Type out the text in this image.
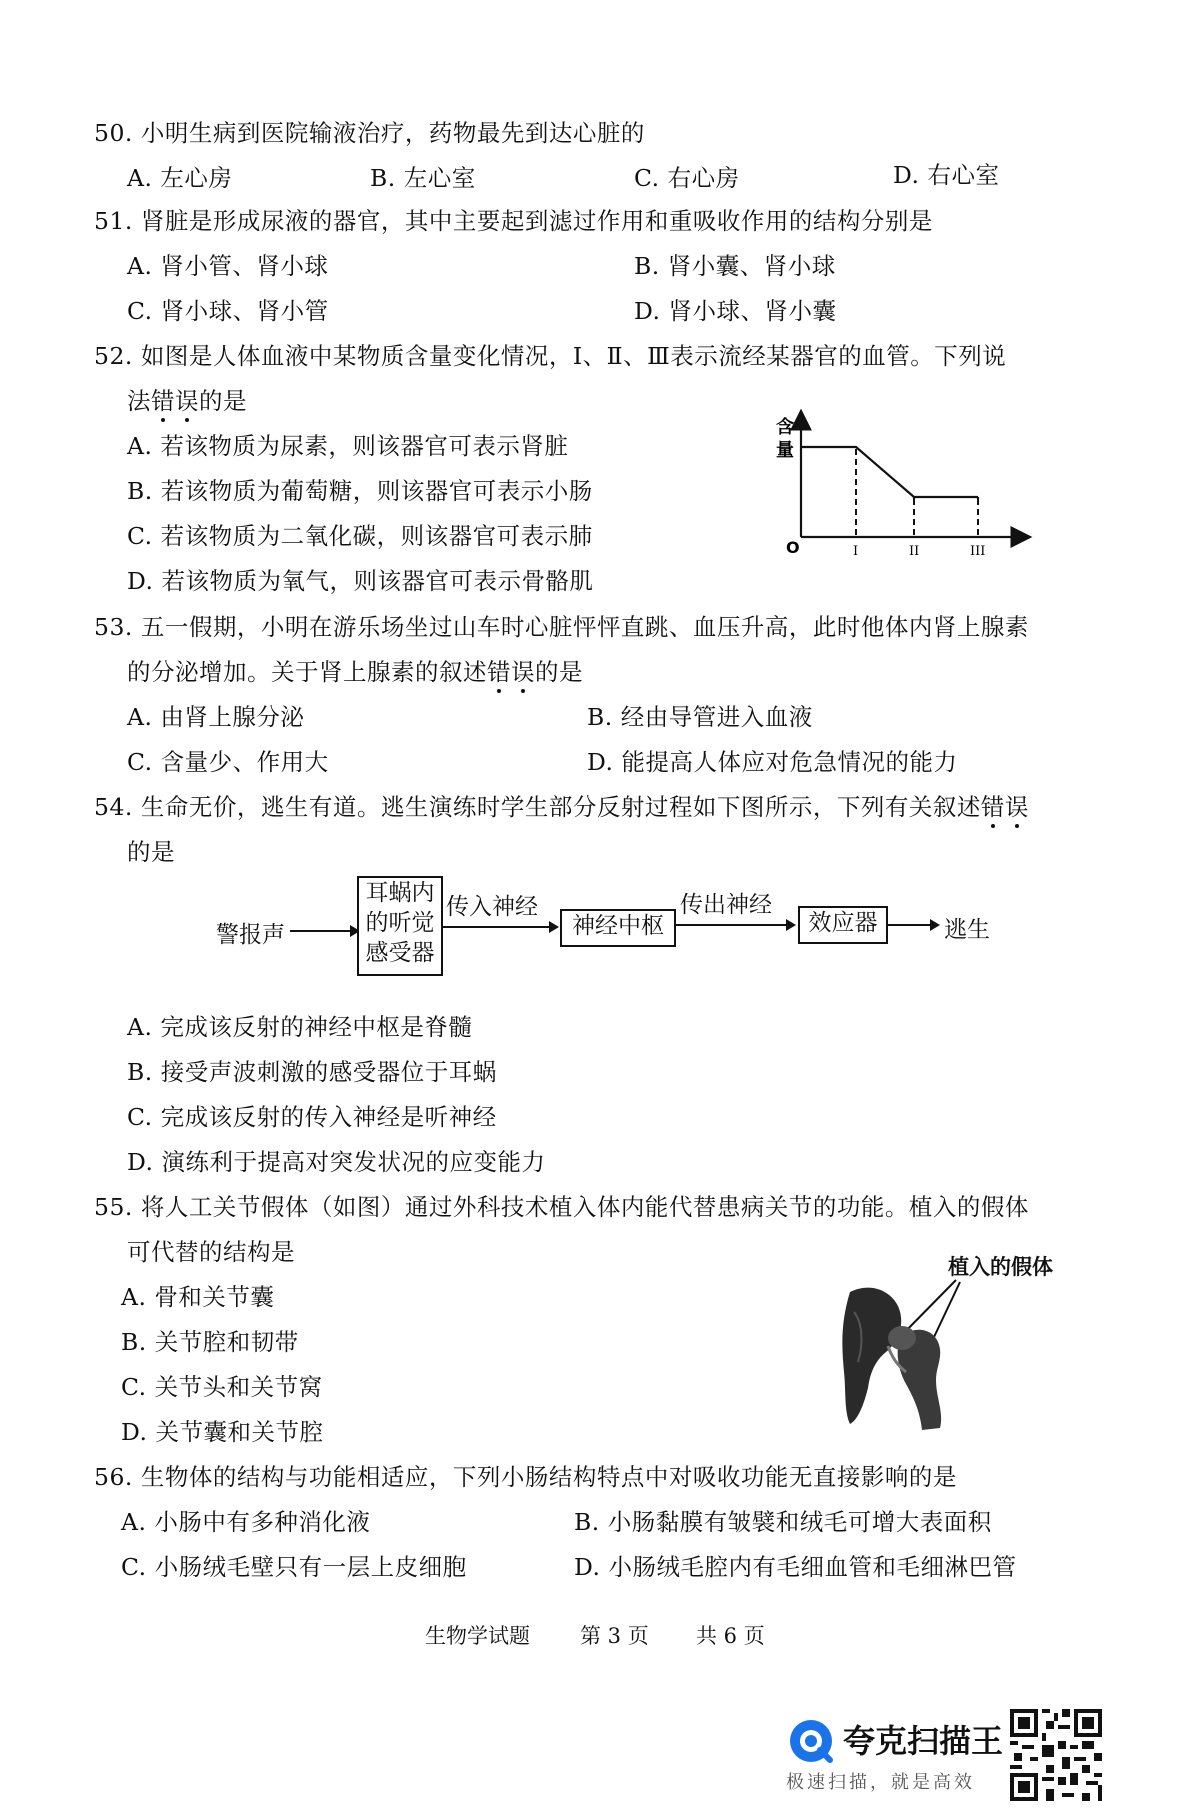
50. 小明生病到医院输液治疗，药物最先到达心脏的
A. 左心房	B. 左心室	C. 右心房	D. 右心室
51. 肾脏是形成尿液的器官，其中主要起到滤过作用和重吸收作用的结构分别是
A. 肾小管、肾小球	B. 肾小囊、肾小球
C. 肾小球、肾小管	D. 肾小球、肾小囊
52. 如图是人体血液中某物质含量变化情况，Ⅰ、Ⅱ、Ⅲ表示流经某器官的血管。下列说
法错误的是
A. 若该物质为尿素，则该器官可表示肾脏
B. 若该物质为葡萄糖，则该器官可表示小肠
C. 若该物质为二氧化碳，则该器官可表示肺
D. 若该物质为氧气，则该器官可表示骨骼肌
含
量
O	I	II	III
53. 五一假期，小明在游乐场坐过山车时心脏怦怦直跳、血压升高，此时他体内肾上腺素
的分泌增加。关于肾上腺素的叙述错误的是
A. 由肾上腺分泌	B. 经由导管进入血液
C. 含量少、作用大	D. 能提高人体应对危急情况的能力
54. 生命无价，逃生有道。逃生演练时学生部分反射过程如下图所示，下列有关叙述错误
的是
警报声
耳蜗内
的听觉
感受器
传入神经
神经中枢
传出神经
效应器	逃生
A. 完成该反射的神经中枢是脊髓
B. 接受声波刺激的感受器位于耳蜗
C. 完成该反射的传入神经是听神经
D. 演练利于提高对突发状况的应变能力
55. 将人工关节假体（如图）通过外科技术植入体内能代替患病关节的功能。植入的假体
可代替的结构是
A. 骨和关节囊
B. 关节腔和韧带
C. 关节头和关节窝
D. 关节囊和关节腔
植入的假体
56. 生物体的结构与功能相适应，下列小肠结构特点中对吸收功能无直接影响的是
A. 小肠中有多种消化液	B. 小肠黏膜有皱襞和绒毛可增大表面积
C. 小肠绒毛壁只有一层上皮细胞	D. 小肠绒毛腔内有毛细血管和毛细淋巴管
生物学试题 第 3 页 共 6 页
夸克扫描王
极速扫描，就是高效
